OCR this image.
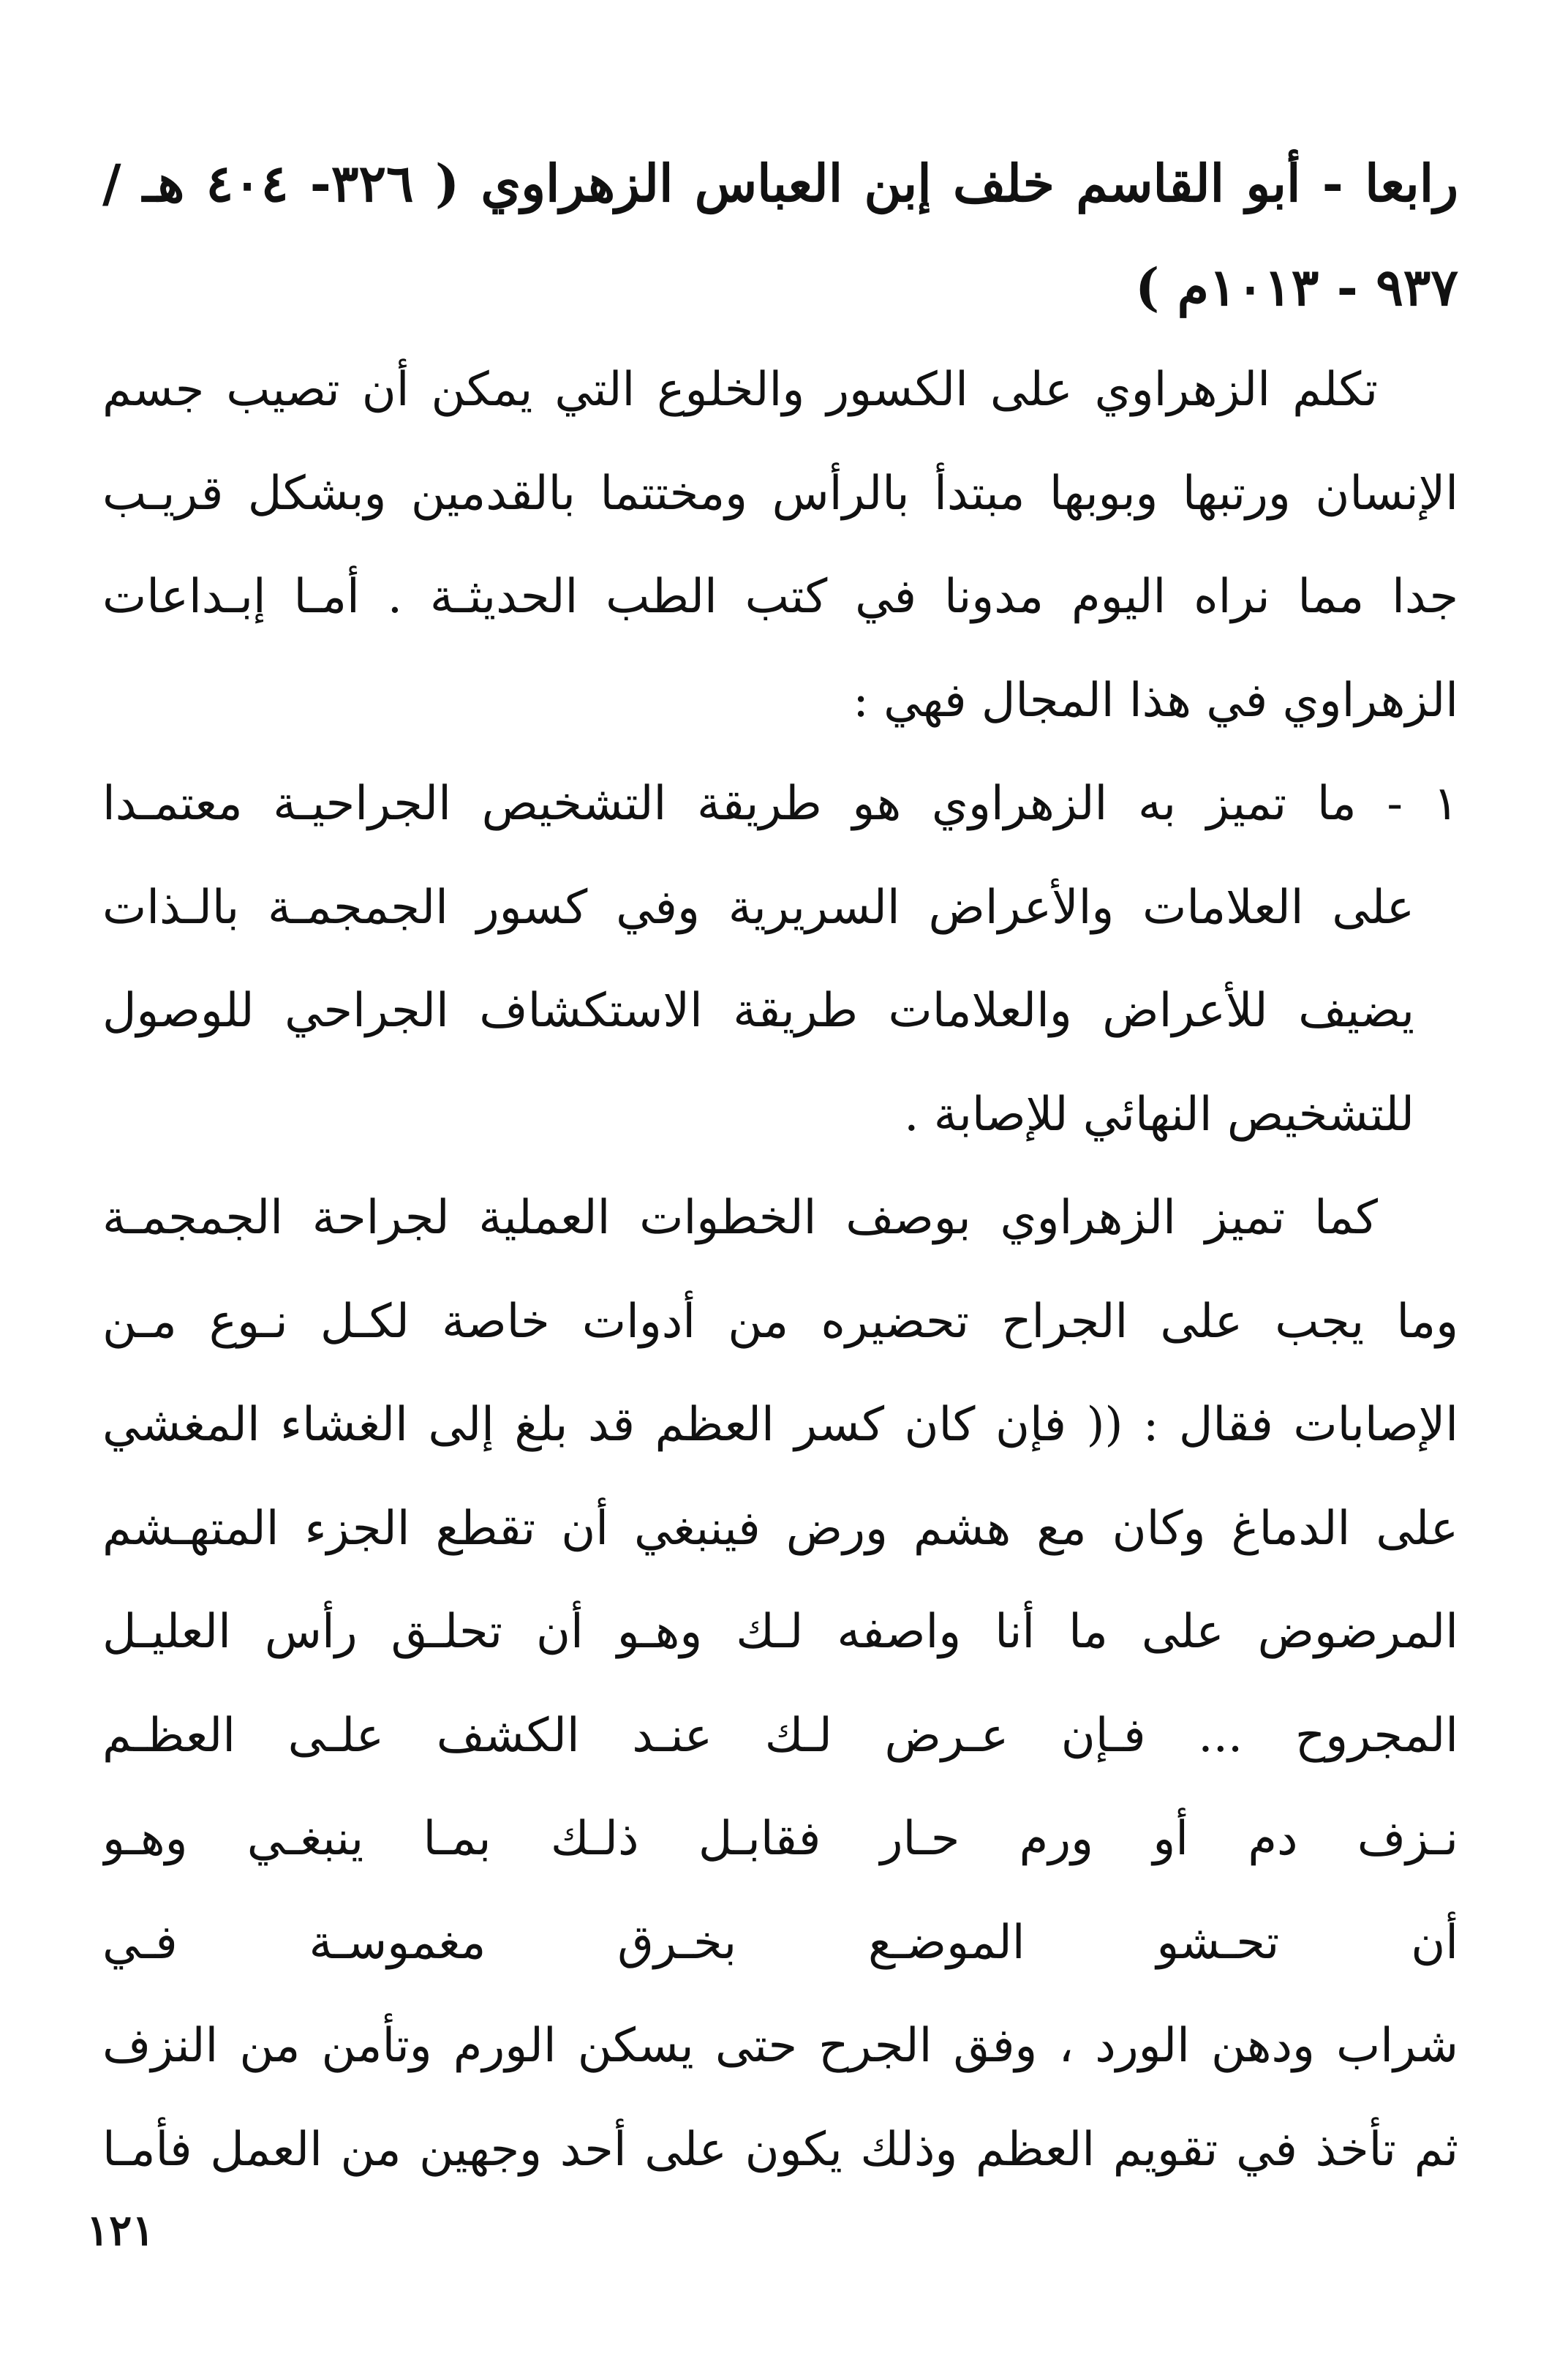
رابعا - أبو القاسم خلف إبن العباس الزهراوي ( ٣٢٦- ٤٠٤ هـ /
٩٣٧ - ١٠١٣م )
تكلم الزهراوي على الكسور والخلوع التي يمكن أن تصيب جسم
الإنسان ورتبها وبوبها مبتدأ بالرأس ومختتما بالقدمين وبشكل قريـب
جدا مما نراه اليوم مدونا في كتب الطب الحديثـة . أمـا إبـداعات
الزهراوي في هذا المجال فهي :
١ - ما تميز به الزهراوي هو طريقة التشخيص الجراحيـة معتمـدا
على العلامات والأعراض السريرية وفي كسور الجمجمـة بالـذات
يضيف للأعراض والعلامات طريقة الاستكشاف الجراحي للوصول
للتشخيص النهائي للإصابة .
كما تميز الزهراوي بوصف الخطوات العملية لجراحة الجمجمـة
وما يجب على الجراح تحضيره من أدوات خاصة لكـل نـوع مـن
الإصابات فقال : (( فإن كان كسر العظم قد بلغ إلى الغشاء المغشي
على الدماغ وكان مع هشم ورض فينبغي أن تقطع الجزء المتهـشم
المرضوض على ما أنا واصفه لـك وهـو أن تحلـق رأس العليـل
المجروح ... فـإن عـرض لـك عنـد الكشف علـى العظـم
نـزف دم أو ورم حـار فقابـل ذلـك بمـا ينبغـي وهـو
أن تحـشو الموضـع بخـرق مغموسـة فـي
شراب ودهن الورد ، وفق الجرح حتى يسكن الورم وتأمن من النزف
ثم تأخذ في تقويم العظم وذلك يكون على أحد وجهين من العمل فأمـا
١٢١
